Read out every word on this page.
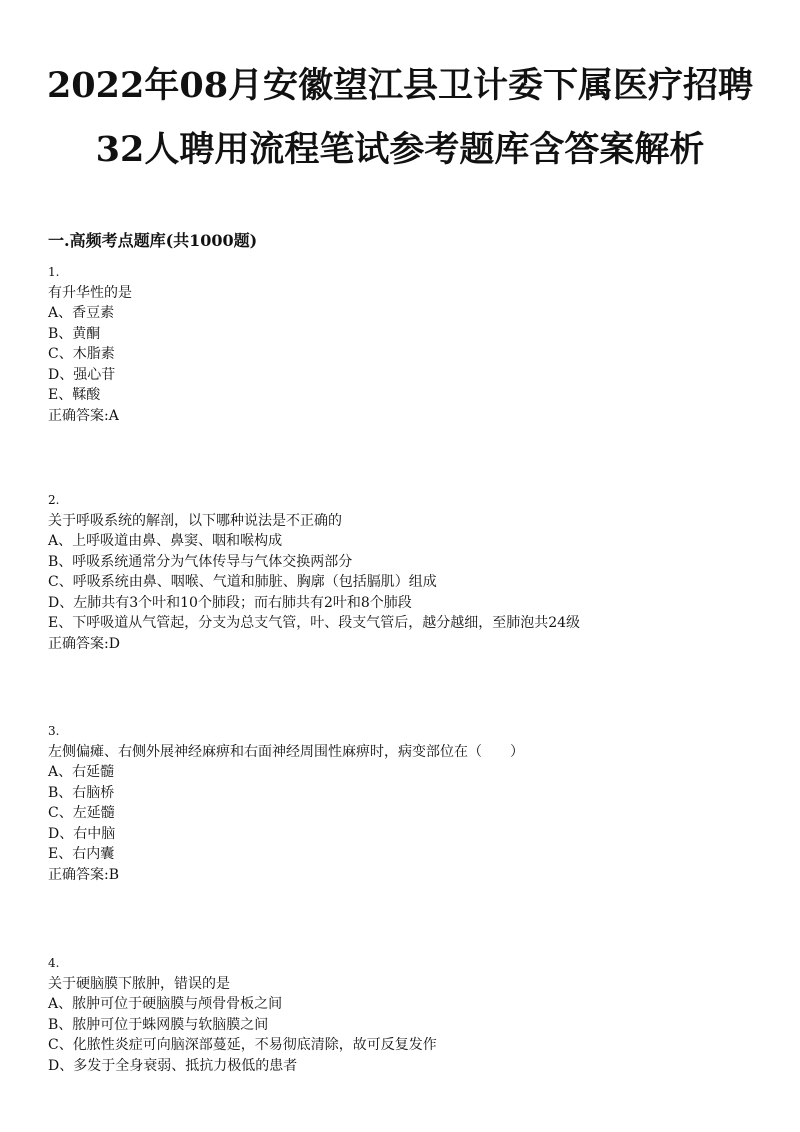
2022年08月安徽望江县卫计委下属医疗招聘
32人聘用流程笔试参考题库含答案解析
一.高频考点题库(共1000题)
1.
有升华性的是
A、香豆素
B、黄酮
C、木脂素
D、强心苷
E、鞣酸
正确答案:A
2.
关于呼吸系统的解剖，以下哪种说法是不正确的
A、上呼吸道由鼻、鼻窦、咽和喉构成
B、呼吸系统通常分为气体传导与气体交换两部分
C、呼吸系统由鼻、咽喉、气道和肺脏、胸廓（包括膈肌）组成
D、左肺共有3个叶和10个肺段；而右肺共有2叶和8个肺段
E、下呼吸道从气管起，分支为总支气管，叶、段支气管后，越分越细，至肺泡共24级
正确答案:D
3.
左侧偏瘫、右侧外展神经麻痹和右面神经周围性麻痹时，病变部位在（　　）
A、右延髓
B、右脑桥
C、左延髓
D、右中脑
E、右内囊
正确答案:B
4.
关于硬脑膜下脓肿，错误的是
A、脓肿可位于硬脑膜与颅骨骨板之间
B、脓肿可位于蛛网膜与软脑膜之间
C、化脓性炎症可向脑深部蔓延，不易彻底清除，故可反复发作
D、多发于全身衰弱、抵抗力极低的患者
